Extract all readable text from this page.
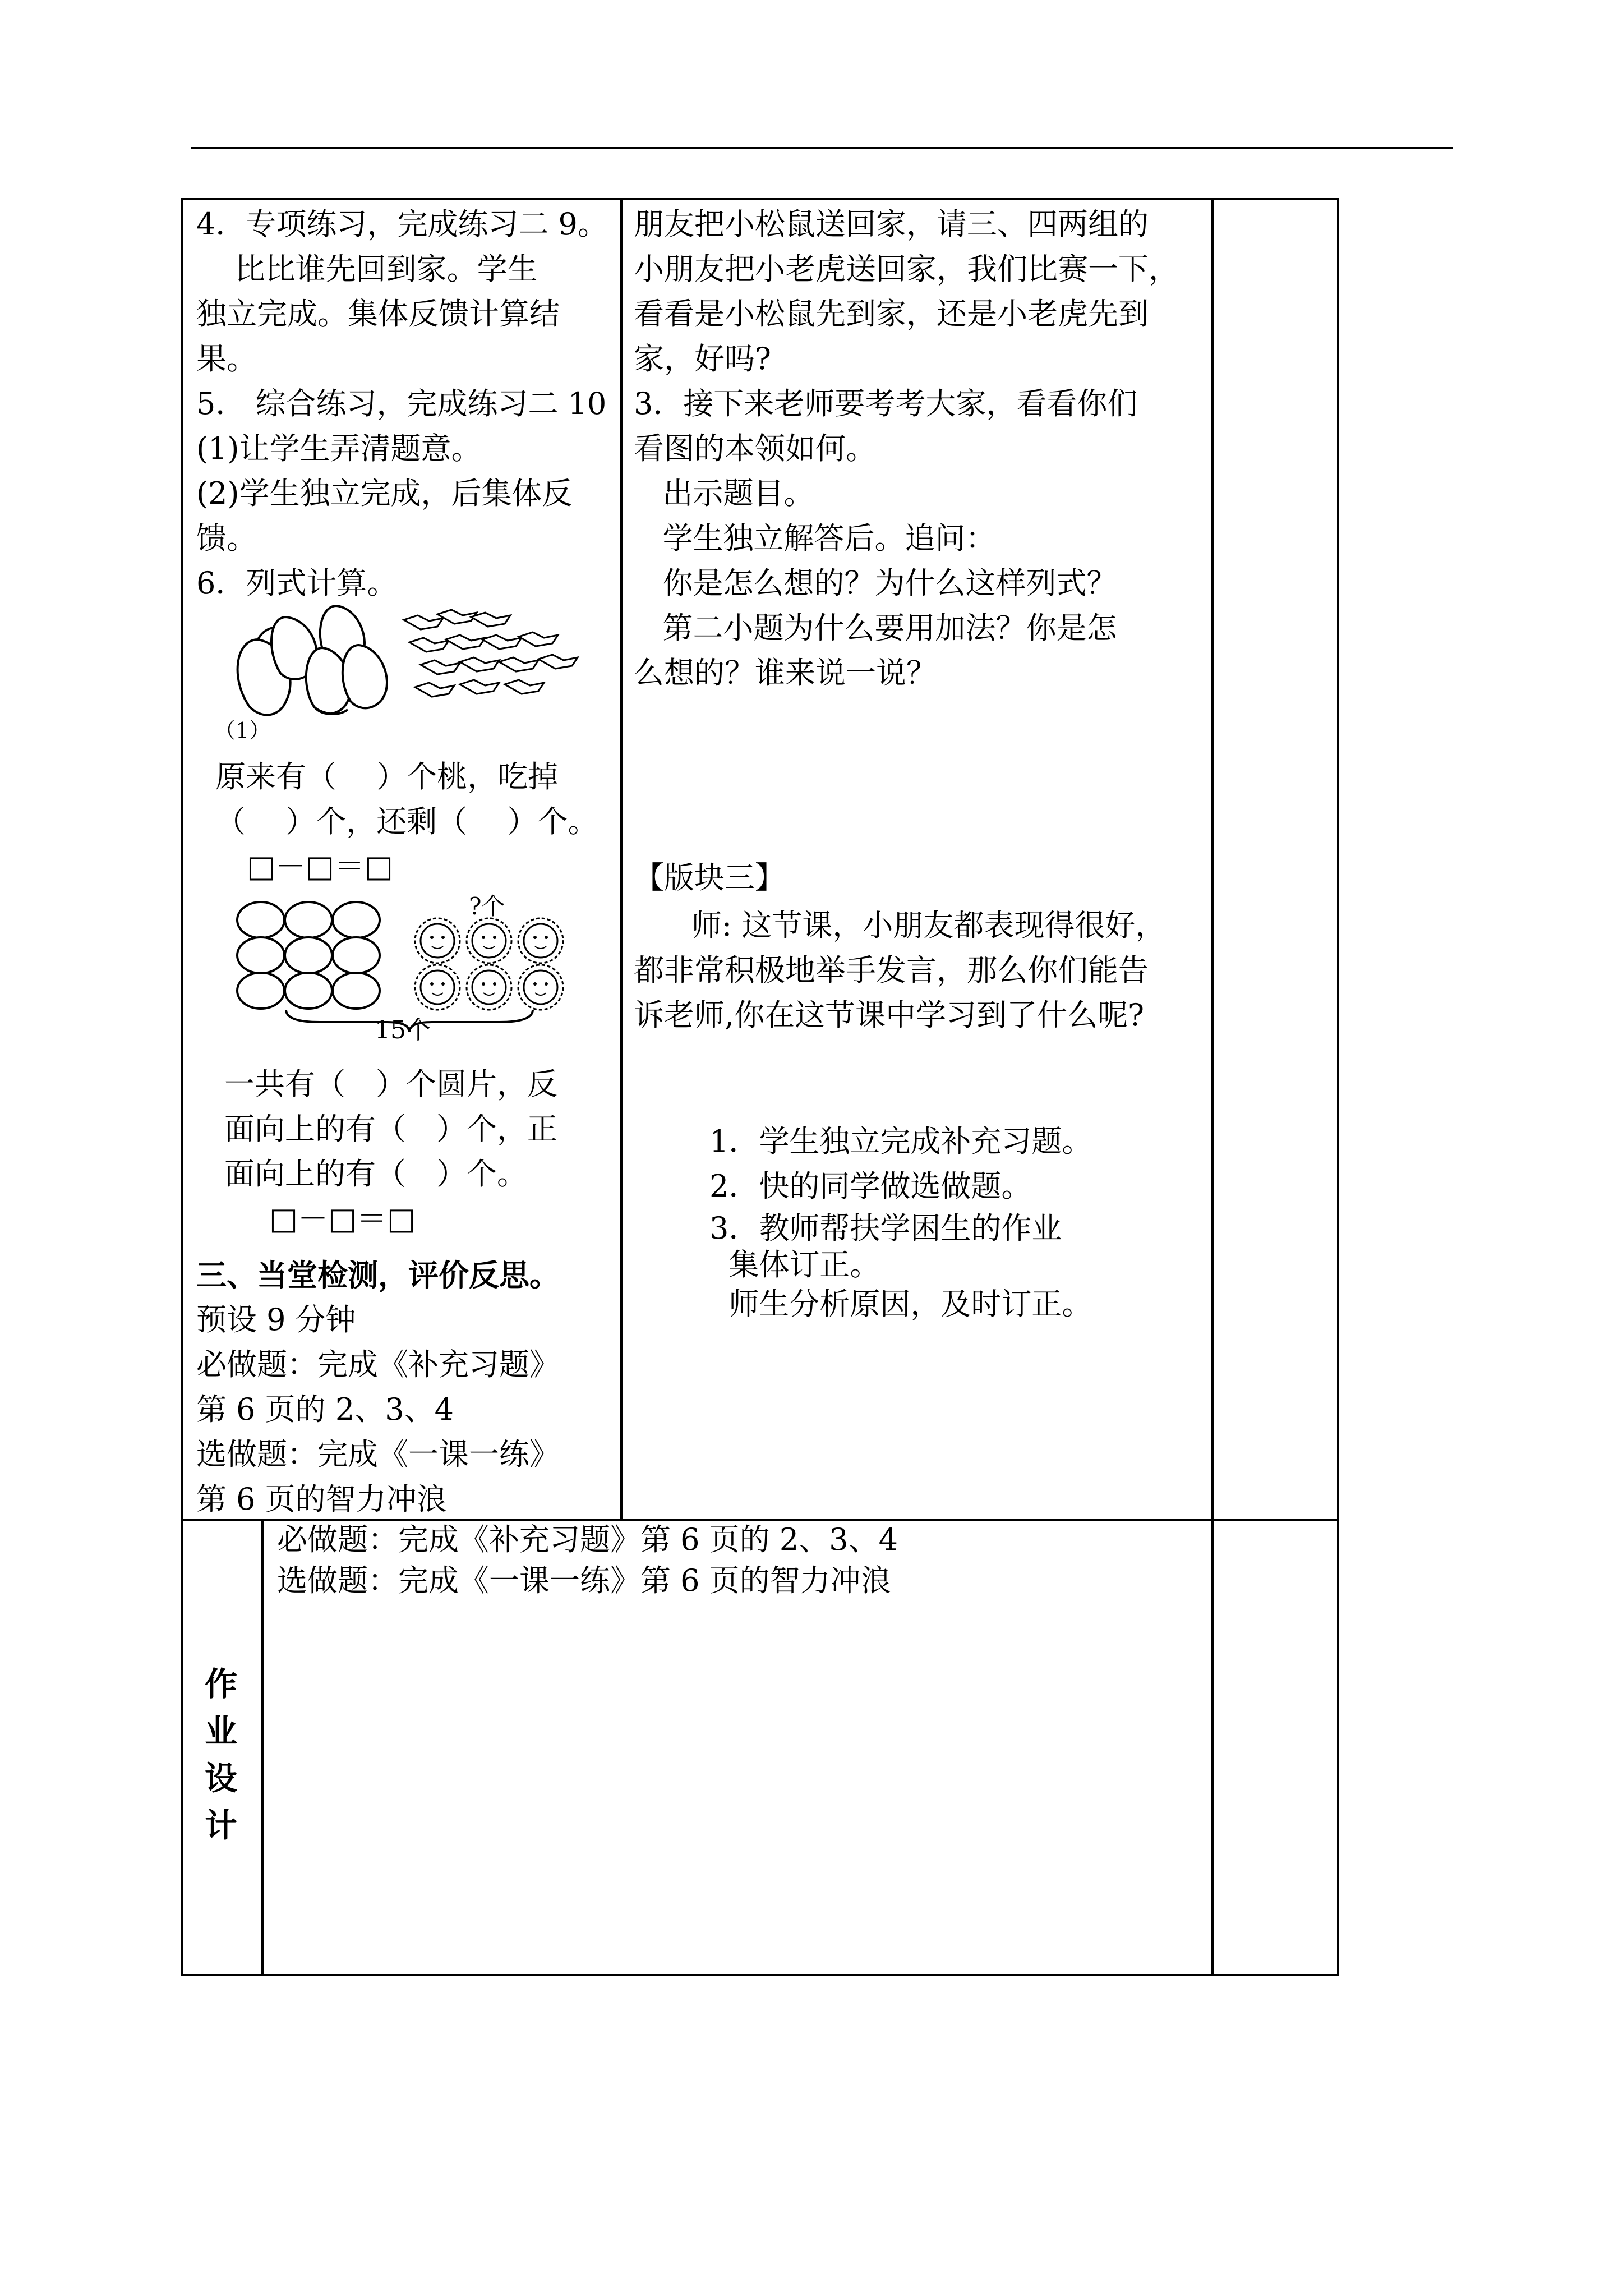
4．专项练习，完成练习二 9。
比比谁先回到家。学生
独立完成。集体反馈计算结
果。
5． 综合练习，完成练习二 10
(1)让学生弄清题意。
(2)学生独立完成，后集体反
馈。
6．列式计算。
（1）
原来有（　 ）个桃，吃掉
（　 ）个，还剩（　 ）个。
□－□＝□
?个
15个
一共有（　）个圆片，反
面向上的有（　）个，正
面向上的有（　）个。
□－□＝□
三、当堂检测，评价反思。
预设 9 分钟
必做题：完成《补充习题》
第 6 页的 2、3、4
选做题：完成《一课一练》
第 6 页的智力冲浪
朋友把小松鼠送回家，请三、四两组的
小朋友把小老虎送回家，我们比赛一下，
看看是小松鼠先到家，还是小老虎先到
家，好吗?
3．接下来老师要考考大家，看看你们
看图的本领如何。
出示题目。
学生独立解答后。追问：
你是怎么想的？为什么这样列式？
第二小题为什么要用加法？你是怎
么想的？谁来说一说？
【版块三】
师: 这节课，小朋友都表现得很好，
都非常积极地举手发言，那么你们能告
诉老师,你在这节课中学习到了什么呢?
1．学生独立完成补充习题。
2．快的同学做选做题。
3．教师帮扶学困生的作业
集体订正。
师生分析原因，及时订正。
作
业
设
计
必做题：完成《补充习题》第 6 页的 2、3、4
选做题：完成《一课一练》第 6 页的智力冲浪
